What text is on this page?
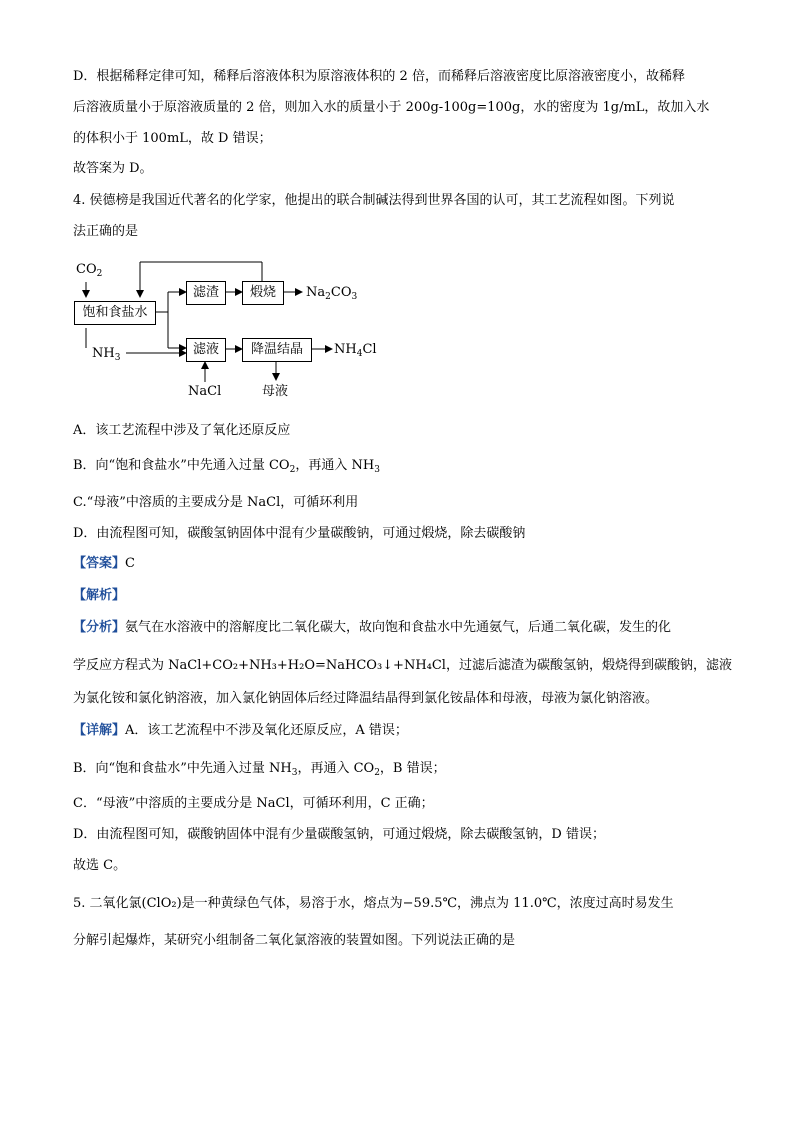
D．根据稀释定律可知，稀释后溶液体积为原溶液体积的 2 倍，而稀释后溶液密度比原溶液密度小，故稀释
后溶液质量小于原溶液质量的 2 倍，则加入水的质量小于 200g-100g=100g，水的密度为 1g/mL，故加入水
的体积小于 100mL，故 D 错误；
故答案为 D。
4. 侯德榜是我国近代著名的化学家，他提出的联合制碱法得到世界各国的认可，其工艺流程如图。下列说
法正确的是
$CO_2$
饱和食盐水
滤渣	煅烧	$Na_2CO_3$
$NH_3$
滤液	降温结晶	$NH_4Cl$
NaCl	母液
A．该工艺流程中涉及了氧化还原反应
B．向“饱和食盐水”中先通入过量 $CO_2$，再通入 $NH_3$
C.“母液”中溶质的主要成分是 NaCl，可循环利用
D．由流程图可知，碳酸氢钠固体中混有少量碳酸钠，可通过煅烧，除去碳酸钠
【答案】C
【解析】
【分析】氨气在水溶液中的溶解度比二氧化碳大，故向饱和食盐水中先通氨气，后通二氧化碳，发生的化
学反应方程式为 NaCl+CO₂+NH₃+H₂O=NaHCO₃↓+NH₄Cl，过滤后滤渣为碳酸氢钠，煅烧得到碳酸钠，滤液
为氯化铵和氯化钠溶液，加入氯化钠固体后经过降温结晶得到氯化铵晶体和母液，母液为氯化钠溶液。
【详解】A．该工艺流程中不涉及氧化还原反应，A 错误；
B．向“饱和食盐水”中先通入过量 $NH_3$，再通入 $CO_2$，B 错误；
C．“母液”中溶质的主要成分是 NaCl，可循环利用，C 正确；
D．由流程图可知，碳酸钠固体中混有少量碳酸氢钠，可通过煅烧，除去碳酸氢钠，D 错误；
故选 C。
5. 二氧化氯(ClO₂)是一种黄绿色气体，易溶于水，熔点为−59.5℃，沸点为 11.0℃，浓度过高时易发生
分解引起爆炸，某研究小组制备二氧化氯溶液的装置如图。下列说法正确的是
